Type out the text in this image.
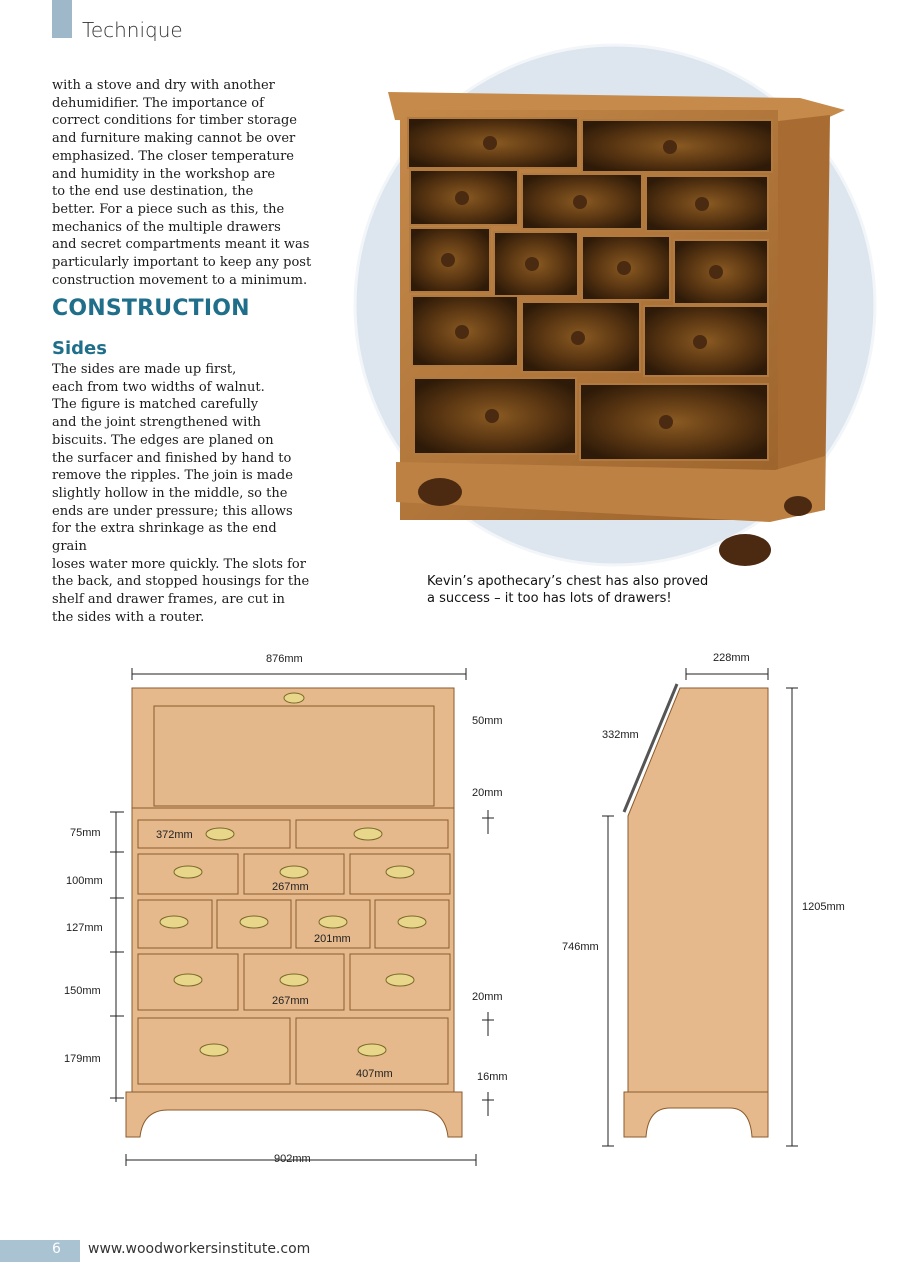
Technique
with a stove and dry with another
dehumidifier. The importance of
correct conditions for timber storage
and furniture making cannot be over
emphasized. The closer temperature
and humidity in the workshop are
to the end use destination, the
better. For a piece such as this, the
mechanics of the multiple drawers
and secret compartments meant it was
particularly important to keep any post
construction movement to a minimum.
CONSTRUCTION
Sides
The sides are made up first,
each from two widths of walnut.
The figure is matched carefully
and the joint strengthened with
biscuits. The edges are planed on
the surfacer and finished by hand to
remove the ripples. The join is made
slightly hollow in the middle, so the
ends are under pressure; this allows
for the extra shrinkage as the end grain
loses water more quickly. The slots for
the back, and stopped housings for the
shelf and drawer frames, are cut in
the sides with a router.
Kevin’s apothecary’s chest has also proved
a success – it too has lots of drawers!
876mm
902mm
50mm
20mm
20mm
16mm
75mm
100mm
127mm
150mm
179mm
372mm
267mm
201mm
267mm
407mm
228mm
332mm
746mm
1205mm
6 www.woodworkersinstitute.com
